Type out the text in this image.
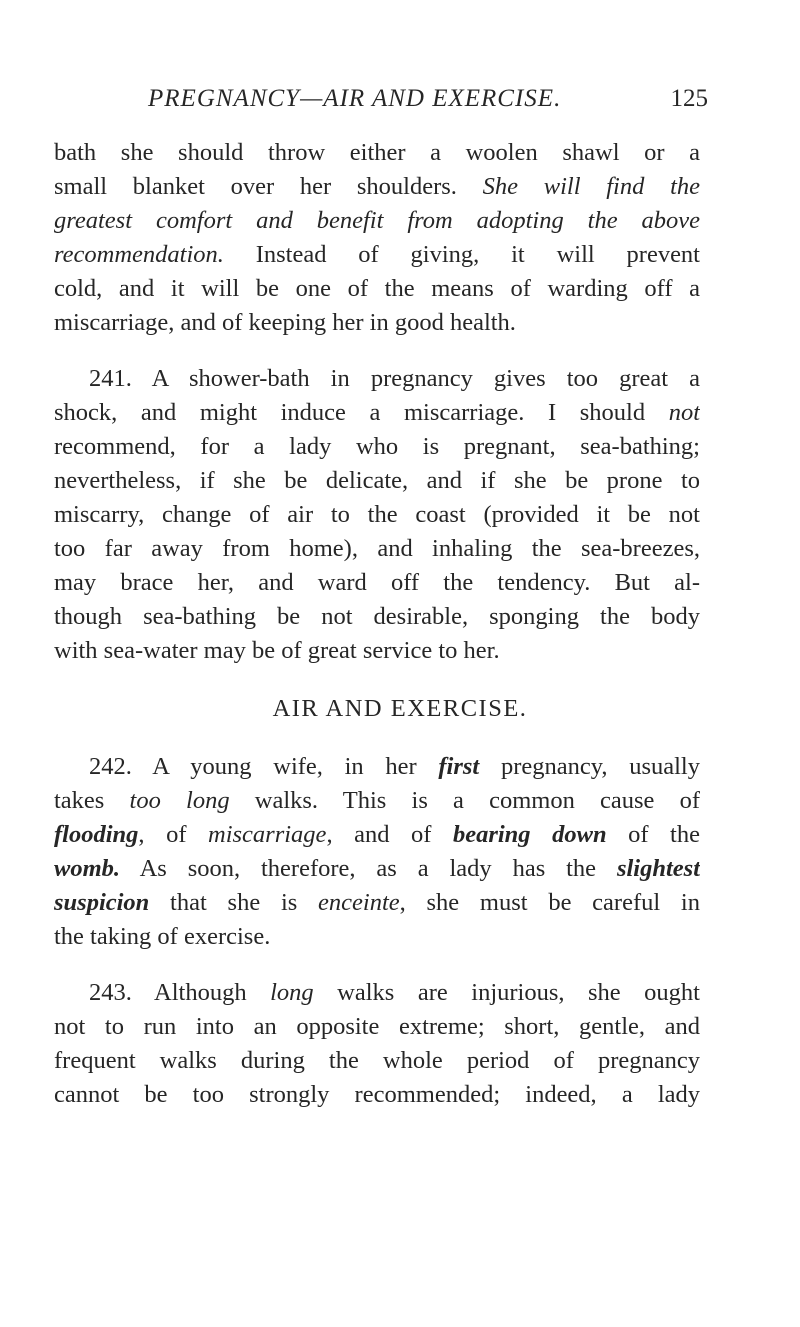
PREGNANCY—AIR AND EXERCISE.	125
bath she should throw either a woolen shawl or a
small blanket over her shoulders. She will find the
greatest comfort and benefit from adopting the above
recommendation. Instead of giving, it will prevent
cold, and it will be one of the means of warding off a
miscarriage, and of keeping her in good health.
241. A shower-bath in pregnancy gives too great a
shock, and might induce a miscarriage. I should not
recommend, for a lady who is pregnant, sea-bathing;
nevertheless, if she be delicate, and if she be prone to
miscarry, change of air to the coast (provided it be not
too far away from home), and inhaling the sea-breezes,
may brace her, and ward off the tendency. But al-
though sea-bathing be not desirable, sponging the body
with sea-water may be of great service to her.
AIR AND EXERCISE.
242. A young wife, in her first pregnancy, usually
takes too long walks. This is a common cause of
flooding, of miscarriage, and of bearing down of the
womb. As soon, therefore, as a lady has the slightest
suspicion that she is enceinte, she must be careful in
the taking of exercise.
243. Although long walks are injurious, she ought
not to run into an opposite extreme; short, gentle, and
frequent walks during the whole period of pregnancy
cannot be too strongly recommended; indeed, a lady
